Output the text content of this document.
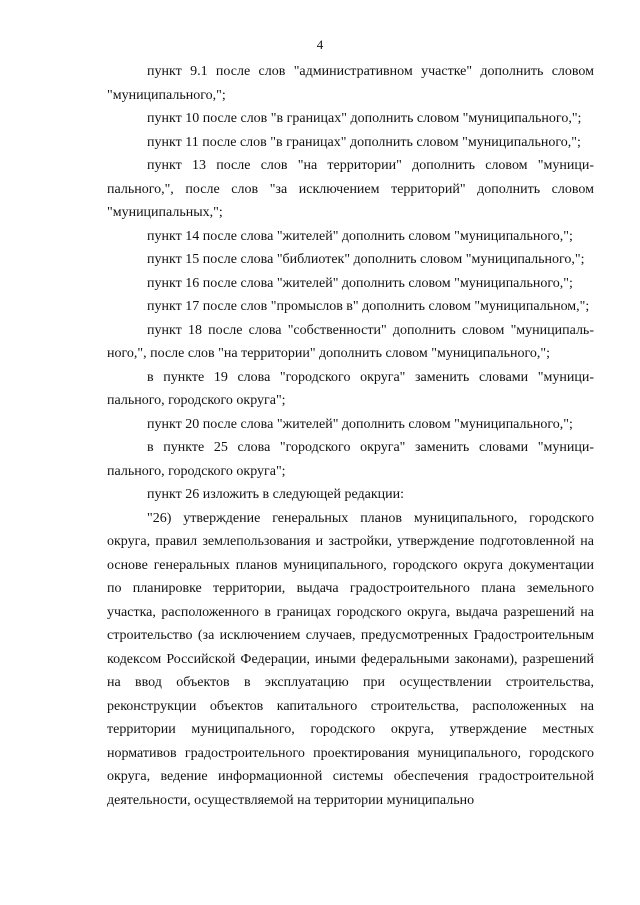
4

пункт 9.1 после слов "административном участке" дополнить словом "муниципального,";

пункт 10 после слов "в границах" дополнить словом "муниципального,";

пункт 11 после слов "в границах" дополнить словом "муниципального,";

пункт 13 после слов "на территории" дополнить словом "муниципального,", после слов "за исключением территорий" дополнить словом "муниципальных,";

пункт 14 после слова "жителей" дополнить словом "муниципального,";

пункт 15 после слова "библиотек" дополнить словом "муниципального,";

пункт 16 после слова "жителей" дополнить словом "муниципального,";

пункт 17 после слов "промыслов в" дополнить словом "муниципальном,";

пункт 18 после слова "собственности" дополнить словом "муниципального,", после слов "на территории" дополнить словом "муниципального,";

в пункте 19 слова "городского округа" заменить словами "муниципального, городского округа";

пункт 20 после слова "жителей" дополнить словом "муниципального,";

в пункте 25 слова "городского округа" заменить словами "муниципального, городского округа";

пункт 26 изложить в следующей редакции:

"26) утверждение генеральных планов муниципального, городского округа, правил землепользования и застройки, утверждение подготовленной на основе генеральных планов муниципального, городского округа документации по планировке территории, выдача градостроительного плана земельного участка, расположенного в границах городского округа, выдача разрешений на строительство (за исключением случаев, предусмотренных Градостроительным кодексом Российской Федерации, иными федеральными законами), разрешений на ввод объектов в эксплуатацию при осуществлении строительства, реконструкции объектов капитального строительства, расположенных на территории муниципального, городского округа, утверждение местных нормативов градостроительного проектирования муниципального, городского округа, ведение информационной системы обеспечения градостроительной деятельности, осуществляемой на территории муниципально
